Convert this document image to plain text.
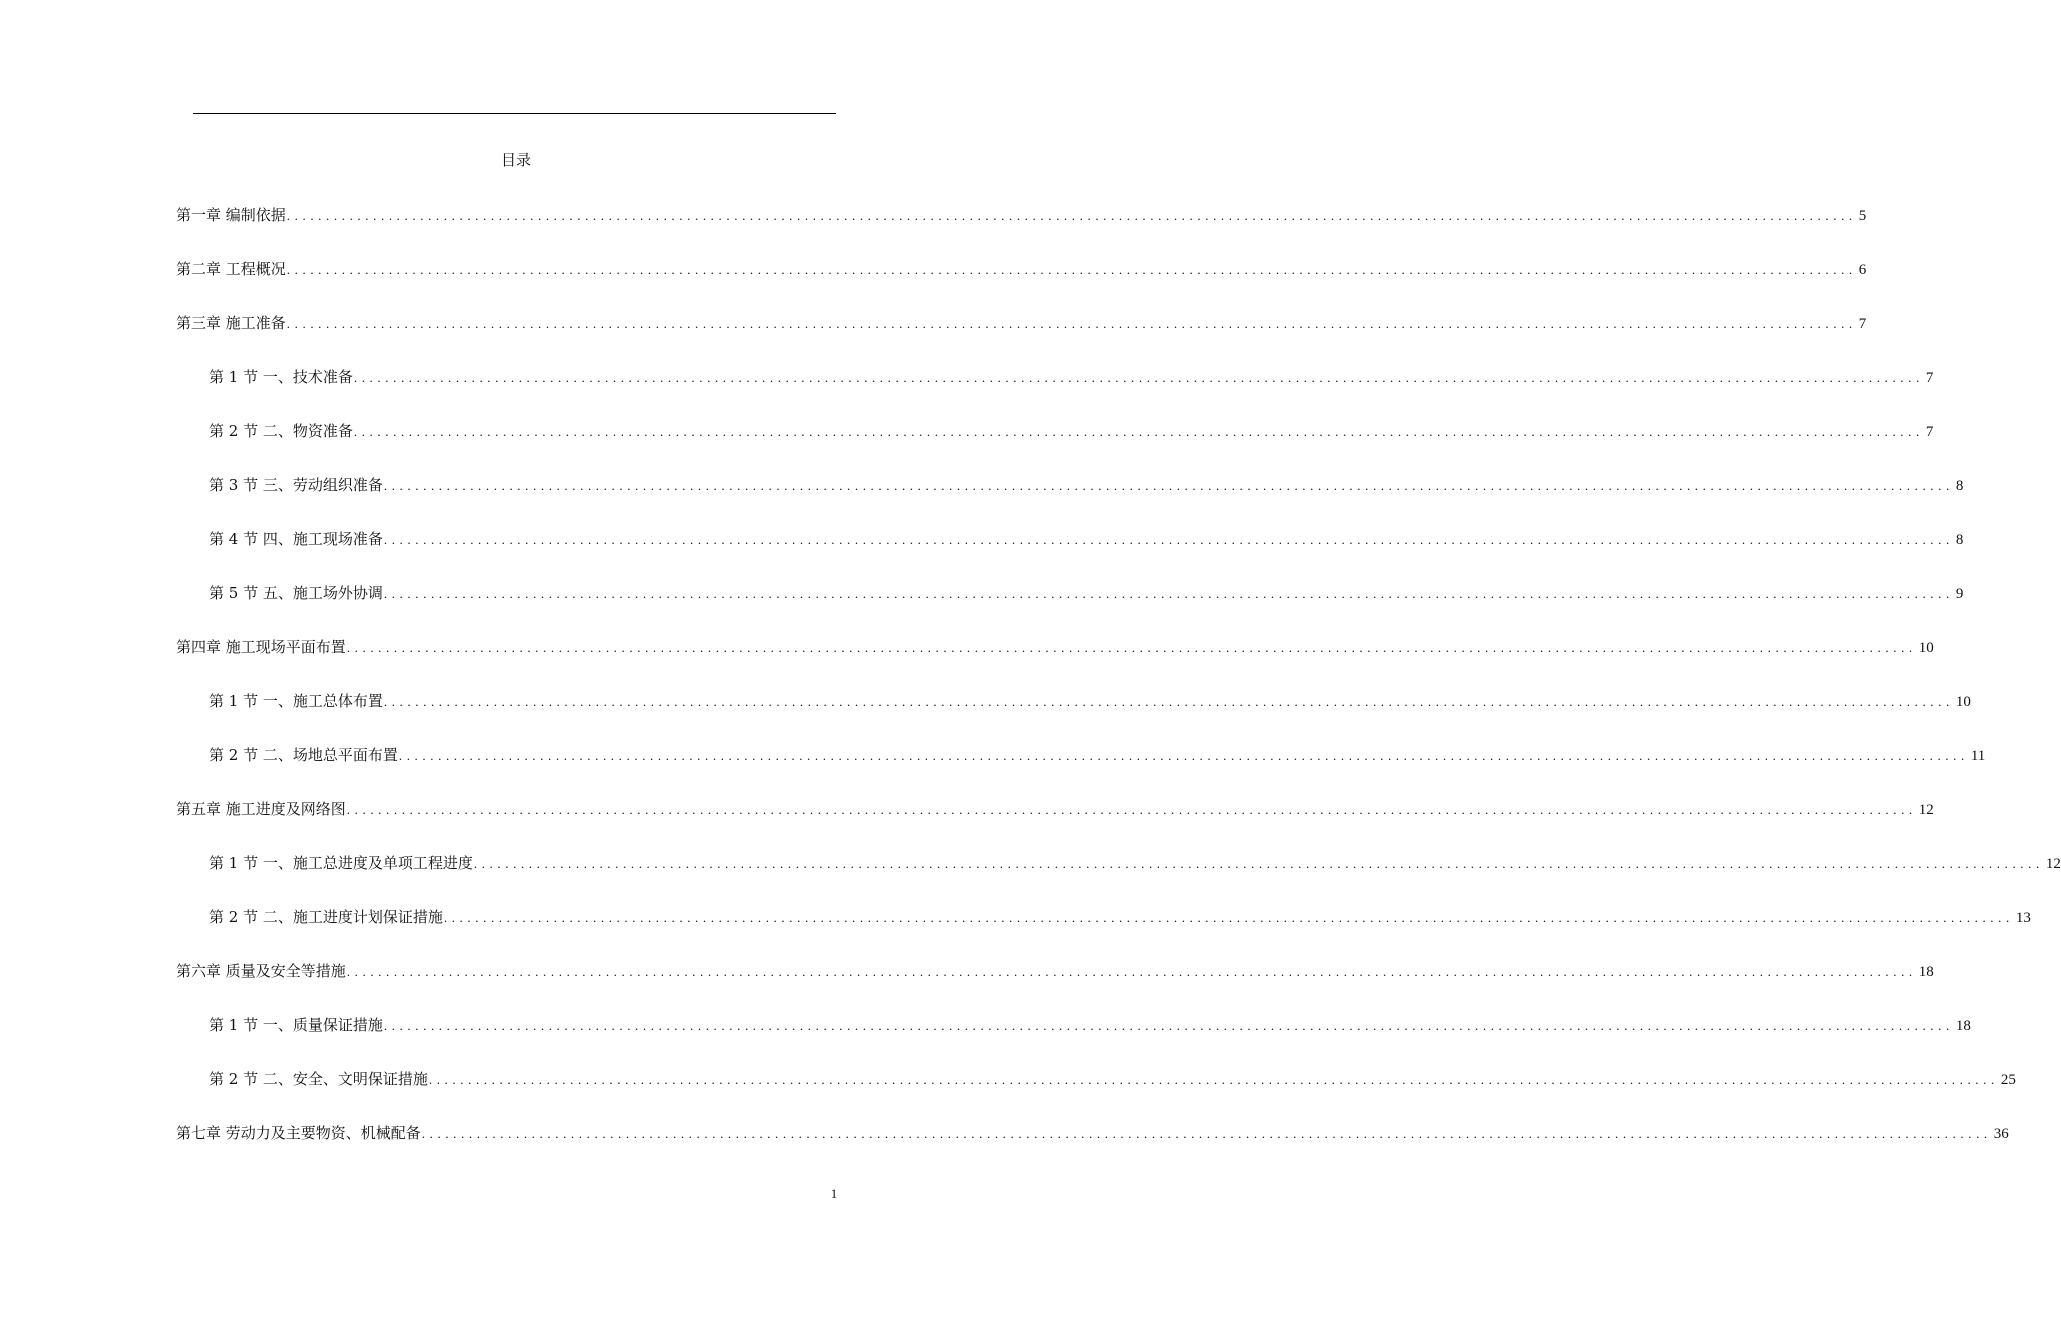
目录
第一章 编制依据 ........................................................................................................................................................................................................ 5
第二章 工程概况 ........................................................................................................................................................................................................ 6
第三章 施工准备 ........................................................................................................................................................................................................ 7
第 1 节 一、技术准备 ........................................................................................................................................................................................................ 7
第 2 节 二、物资准备 ........................................................................................................................................................................................................ 7
第 3 节 三、劳动组织准备 ........................................................................................................................................................................................................ 8
第 4 节 四、施工现场准备 ........................................................................................................................................................................................................ 8
第 5 节 五、施工场外协调 ........................................................................................................................................................................................................ 9
第四章 施工现场平面布置 ........................................................................................................................................................................................................ 10
第 1 节 一、施工总体布置 ........................................................................................................................................................................................................ 10
第 2 节 二、场地总平面布置 ........................................................................................................................................................................................................ 11
第五章 施工进度及网络图 ........................................................................................................................................................................................................ 12
第 1 节 一、施工总进度及单项工程进度 ........................................................................................................................................................................................................ 12
第 2 节 二、施工进度计划保证措施 ........................................................................................................................................................................................................ 13
第六章 质量及安全等措施 ........................................................................................................................................................................................................ 18
第 1 节 一、质量保证措施 ........................................................................................................................................................................................................ 18
第 2 节 二、安全、文明保证措施 ........................................................................................................................................................................................................ 25
第七章 劳动力及主要物资、机械配备 ........................................................................................................................................................................................................ 36
1
